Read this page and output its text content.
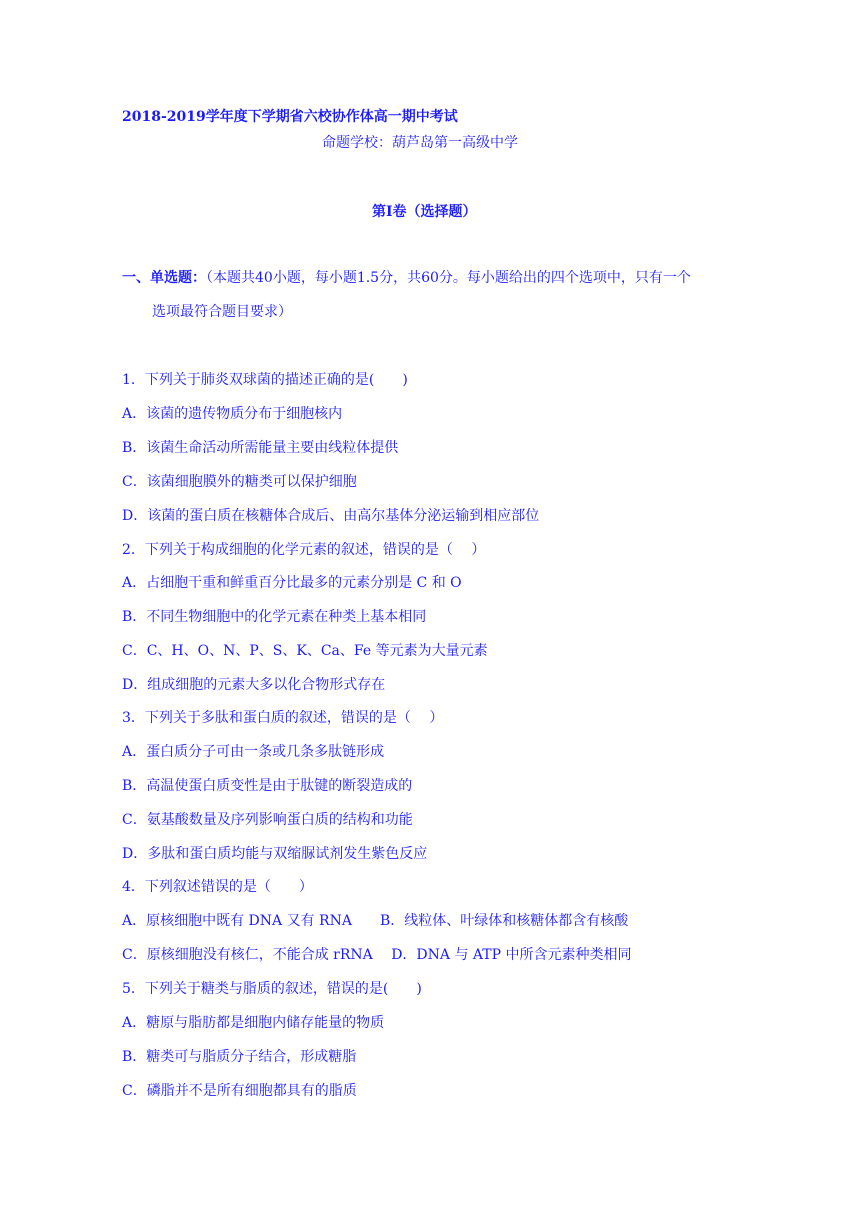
2018-2019学年度下学期省六校协作体高一期中考试
命题学校：葫芦岛第一高级中学
第Ⅰ卷（选择题）
一、单选题：（本题共40小题，每小题1.5分，共60分。每小题给出的四个选项中，只有一个
选项最符合题目要求）
1．下列关于肺炎双球菌的描述正确的是(　　)
A．该菌的遗传物质分布于细胞核内
B．该菌生命活动所需能量主要由线粒体提供
C．该菌细胞膜外的糖类可以保护细胞
D．该菌的蛋白质在核糖体合成后、由高尔基体分泌运输到相应部位
2．下列关于构成细胞的化学元素的叙述，错误的是（　 ）
A．占细胞干重和鲜重百分比最多的元素分别是 C 和 O
B．不同生物细胞中的化学元素在种类上基本相同
C．C、H、O、N、P、S、K、Ca、Fe 等元素为大量元素
D．组成细胞的元素大多以化合物形式存在
3．下列关于多肽和蛋白质的叙述，错误的是（　 ）
A．蛋白质分子可由一条或几条多肽链形成
B．高温使蛋白质变性是由于肽键的断裂造成的
C．氨基酸数量及序列影响蛋白质的结构和功能
D．多肽和蛋白质均能与双缩脲试剂发生紫色反应
4．下列叙述错误的是（　　）
A．原核细胞中既有 DNA 又有 RNA　　B．线粒体、叶绿体和核糖体都含有核酸
C．原核细胞没有核仁，不能合成 rRNA　 D．DNA 与 ATP 中所含元素种类相同
5．下列关于糖类与脂质的叙述，错误的是(　　)
A．糖原与脂肪都是细胞内储存能量的物质
B．糖类可与脂质分子结合，形成糖脂
C．磷脂并不是所有细胞都具有的脂质
